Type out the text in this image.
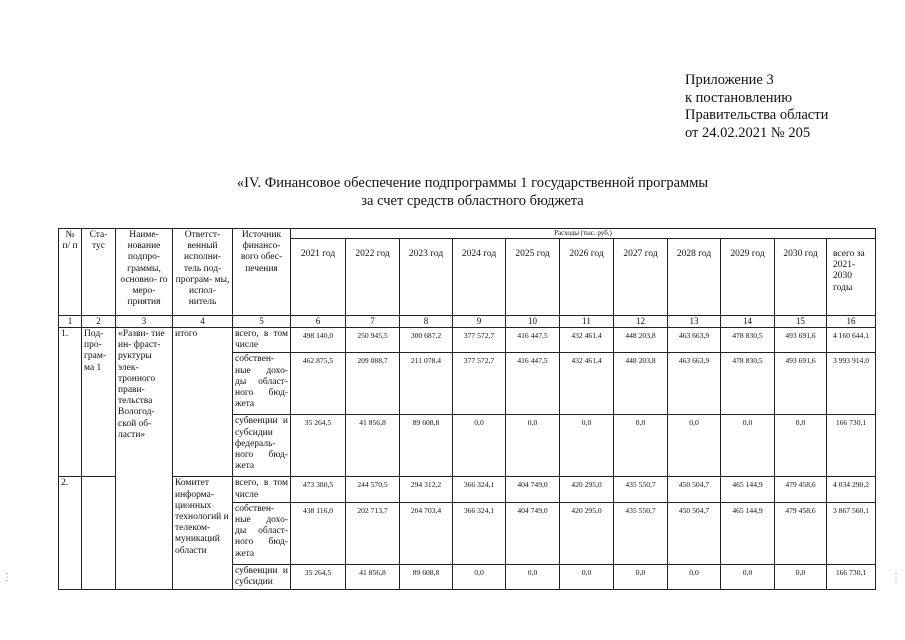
Приложение 3
к постановлению
Правительства области
от 24.02.2021 № 205
«IV. Финансовое обеспечение подпрограммы 1 государственной программы
за счет средств областного бюджета
№ п/ п	Ста- тус	Наиме- нование подпро- граммы, основно- го меро- приятия	Ответст- венный исполни- тель под- програм- мы, испол- нитель	Источник финансо- вого обес- печения	Расходы (тыс. руб.)										
					2021 год	2022 год	2023 год	2024 год	2025 год	2026 год	2027 год	2028 год	2029 год	2030 год	всего за 2021- 2030 годы
1	2	3	4	5	6	7	8	9	10	11	12	13	14	15	16
1.	Под- про- грам- ма 1	«Разви- тие ин- фраст- руктуры элек- тронного прави- тельства Вологод- ской об- ласти»	итого	всего, в том числе	498 140,0	250 945,5	300 687,2	377 572,7	416 447,5	432 461,4	448 203,8	463 663,9	478 830,5	493 691,6	4 160 644,1
				собствен- ные дохо- ды област- ного бюд- жета	462 875,5	209 088,7	211 078,4	377 572,7	416 447,5	432 461,4	448 203,8	463 663,9	478 830,5	493 691,6	3 993 914,0
				субвенции и субсидии федераль- ного бюд- жета	35 264,5	41 856,8	89 608,8	0,0	0,0	0,0	0,0	0,0	0,0	0,0	166 730,1
2.			Комитет информа- ционных технологий и телеком- муникаций области	всего, в том числе	473 380,5	244 570,5	294 312,2	366 324,1	404 749,0	420 295,0	435 550,7	450 504,7	465 144,9	479 458,6	4 034 290,2
				собствен- ные дохо- ды област- ного бюд- жета	438 116,0	202 713,7	204 703,4	366 324,1	404 749,0	420 295,0	435 550,7	450 504,7	465 144,9	479 458,6	3 867 560,1
				субвенции и субсидии	35 264,5	41 856,8	89 608,8	0,0	0,0	0,0	0,0	0,0	0,0	0,0	166 730,1
⋮	⋮
